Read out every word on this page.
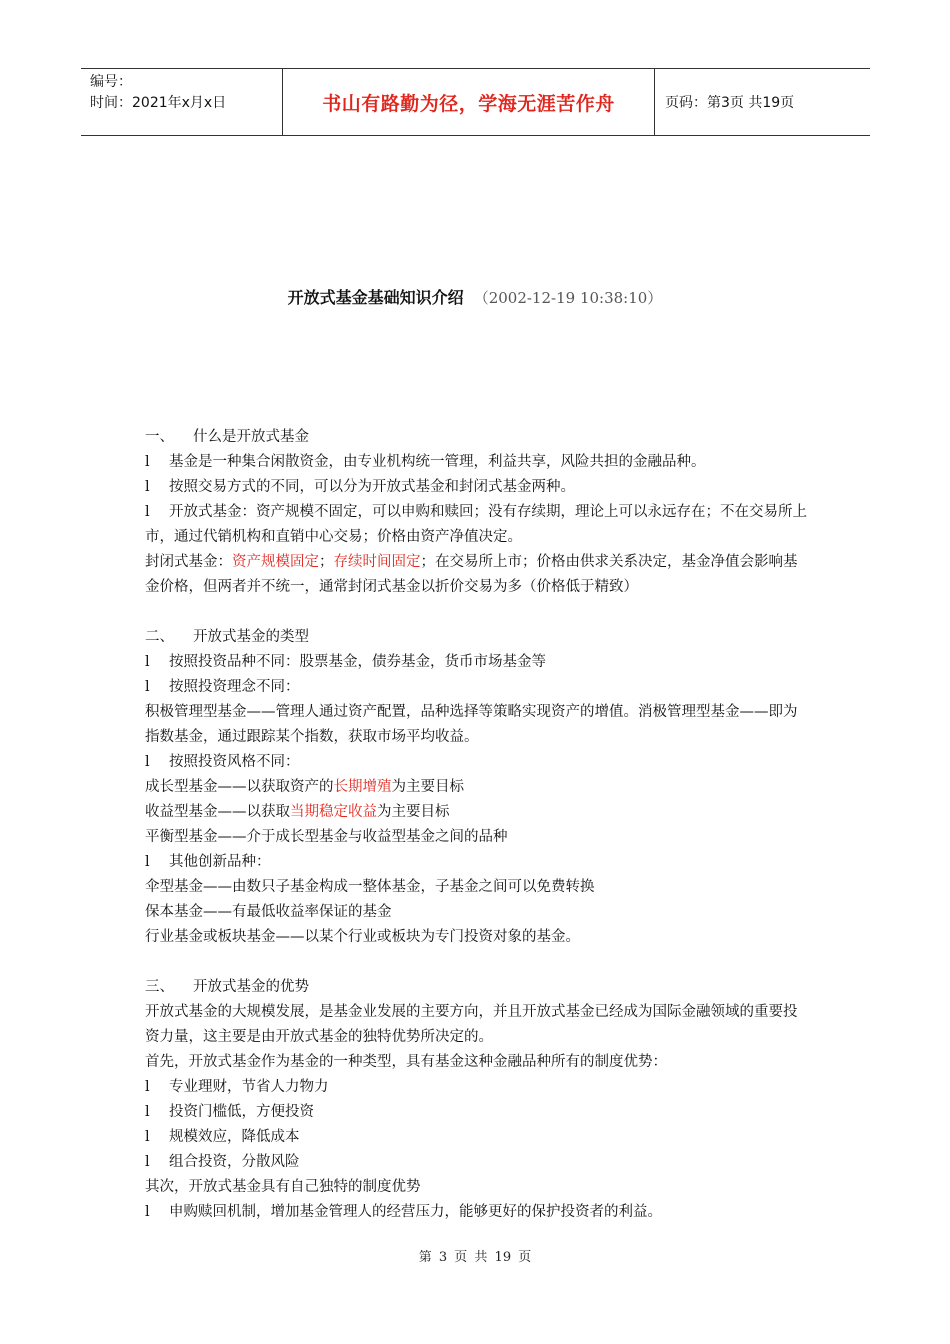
编号：
时间：2021年x月x日	书山有路勤为径，学海无涯苦作舟	页码：第3页 共19页
开放式基金基础知识介绍 （2002-12-19 10:38:10）

一、 什么是开放式基金

l 基金是一种集合闲散资金，由专业机构统一管理，利益共享，风险共担的金融品种。

l 按照交易方式的不同，可以分为开放式基金和封闭式基金两种。

l 开放式基金：资产规模不固定，可以申购和赎回；没有存续期，理论上可以永远存在；不在交易所上市，通过代销机构和直销中心交易；价格由资产净值决定。

封闭式基金：资产规模固定；存续时间固定；在交易所上市；价格由供求关系决定，基金净值会影响基金价格，但两者并不统一，通常封闭式基金以折价交易为多（价格低于精致）

二、 开放式基金的类型

l 按照投资品种不同：股票基金，债券基金，货币市场基金等

l 按照投资理念不同：

积极管理型基金——管理人通过资产配置，品种选择等策略实现资产的增值。消极管理型基金——即为指数基金，通过跟踪某个指数，获取市场平均收益。

l 按照投资风格不同：

成长型基金——以获取资产的长期增殖为主要目标

收益型基金——以获取当期稳定收益为主要目标

平衡型基金——介于成长型基金与收益型基金之间的品种

l 其他创新品种：

伞型基金——由数只子基金构成一整体基金，子基金之间可以免费转换

保本基金——有最低收益率保证的基金

行业基金或板块基金——以某个行业或板块为专门投资对象的基金。

三、 开放式基金的优势

开放式基金的大规模发展，是基金业发展的主要方向，并且开放式基金已经成为国际金融领域的重要投资力量，这主要是由开放式基金的独特优势所决定的。

首先，开放式基金作为基金的一种类型，具有基金这种金融品种所有的制度优势：

l 专业理财，节省人力物力

l 投资门槛低，方便投资

l 规模效应，降低成本

l 组合投资，分散风险

其次，开放式基金具有自己独特的制度优势

l 申购赎回机制，增加基金管理人的经营压力，能够更好的保护投资者的利益。

第 3 页 共 19 页
